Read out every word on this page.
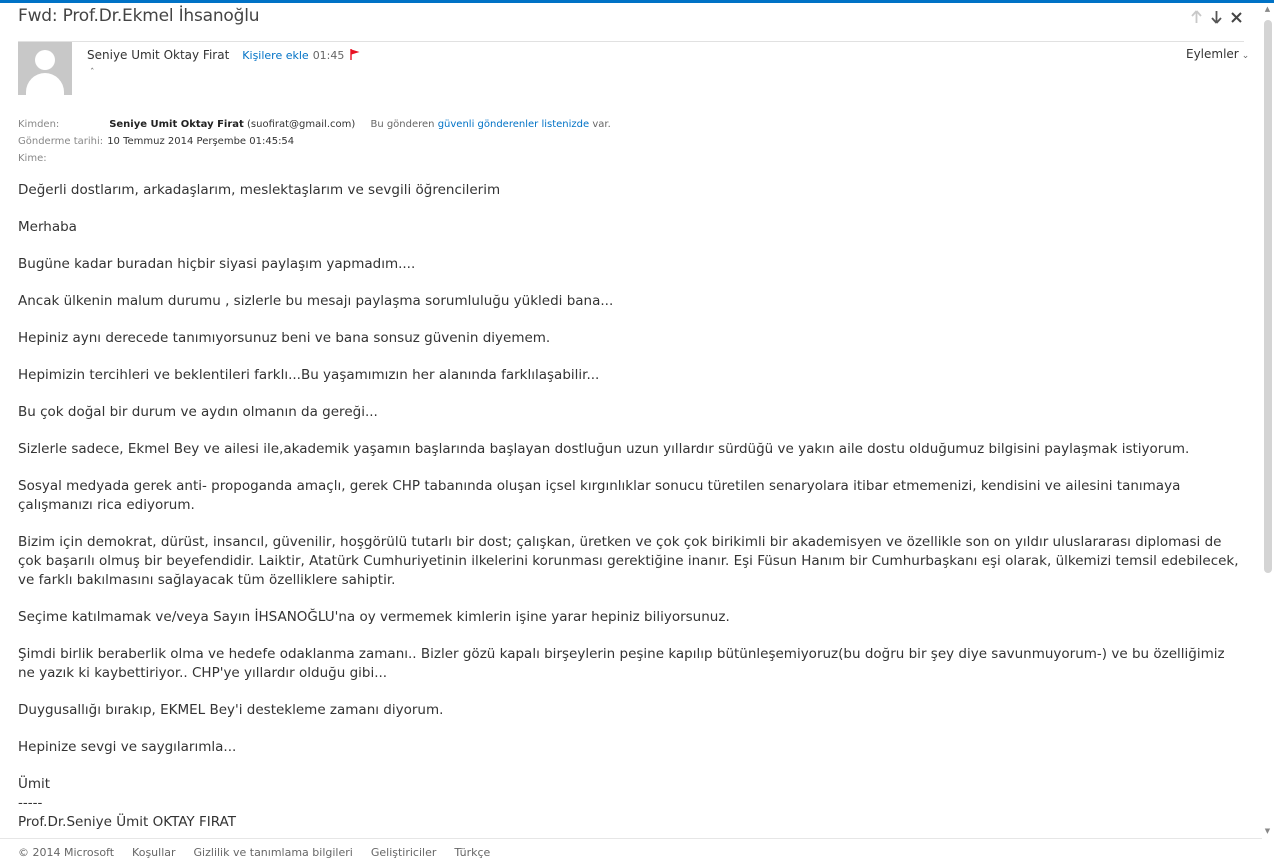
Fwd: Prof.Dr.Ekmel İhsanoğlu
Seniye Umit Oktay Firat Kişilere ekle 01:45
ˆ
Eylemler ⌄
Kimden:	Seniye Umit Oktay Firat (suofirat@gmail.com) Bu gönderen güvenli gönderenler listenizde var.
Gönderme tarihi: 10 Temmuz 2014 Perşembe 01:45:54
Kime:

Değerli dostlarım, arkadaşlarım, meslektaşlarım ve sevgili öğrencilerim

Merhaba

Bugüne kadar buradan hiçbir siyasi paylaşım yapmadım....

Ancak ülkenin malum durumu , sizlerle bu mesajı paylaşma sorumluluğu yükledi bana...

Hepiniz aynı derecede tanımıyorsunuz beni ve bana sonsuz güvenin diyemem.

Hepimizin tercihleri ve beklentileri farklı...Bu yaşamımızın her alanında farklılaşabilir...

Bu çok doğal bir durum ve aydın olmanın da gereği...

Sizlerle sadece, Ekmel Bey ve ailesi ile,akademik yaşamın başlarında başlayan dostluğun uzun yıllardır sürdüğü ve yakın aile dostu olduğumuz bilgisini paylaşmak istiyorum.

Sosyal medyada gerek anti- propoganda amaçlı, gerek CHP tabanında oluşan içsel kırgınlıklar sonucu türetilen senaryolara itibar etmemenizi, kendisini ve ailesini tanımaya çalışmanızı rica ediyorum.

Bizim için demokrat, dürüst, insancıl, güvenilir, hoşgörülü tutarlı bir dost; çalışkan, üretken ve çok çok birikimli bir akademisyen ve özellikle son on yıldır uluslararası diplomasi de çok başarılı olmuş bir beyefendidir. Laiktir, Atatürk Cumhuriyetinin ilkelerini korunması gerektiğine inanır. Eşi Füsun Hanım bir Cumhurbaşkanı eşi olarak, ülkemizi temsil edebilecek, ve farklı bakılmasını sağlayacak tüm özelliklere sahiptir.

Seçime katılmamak ve/veya Sayın İHSANOĞLU'na oy vermemek kimlerin işine yarar hepiniz biliyorsunuz.

Şimdi birlik beraberlik olma ve hedefe odaklanma zamanı.. Bizler gözü kapalı birşeylerin peşine kapılıp bütünleşemiyoruz(bu doğru bir şey diye savunmuyorum-) ve bu özelliğimiz ne yazık ki kaybettiriyor.. CHP'ye yıllardır olduğu gibi...

Duygusallığı bırakıp, EKMEL Bey'i destekleme zamanı diyorum.

Hepinize sevgi ve saygılarımla...

Ümit
-----
Prof.Dr.Seniye Ümit OKTAY FIRAT
▲
▼
© 2014 Microsoft Koşullar Gizlilik ve tanımlama bilgileri Geliştiriciler Türkçe
